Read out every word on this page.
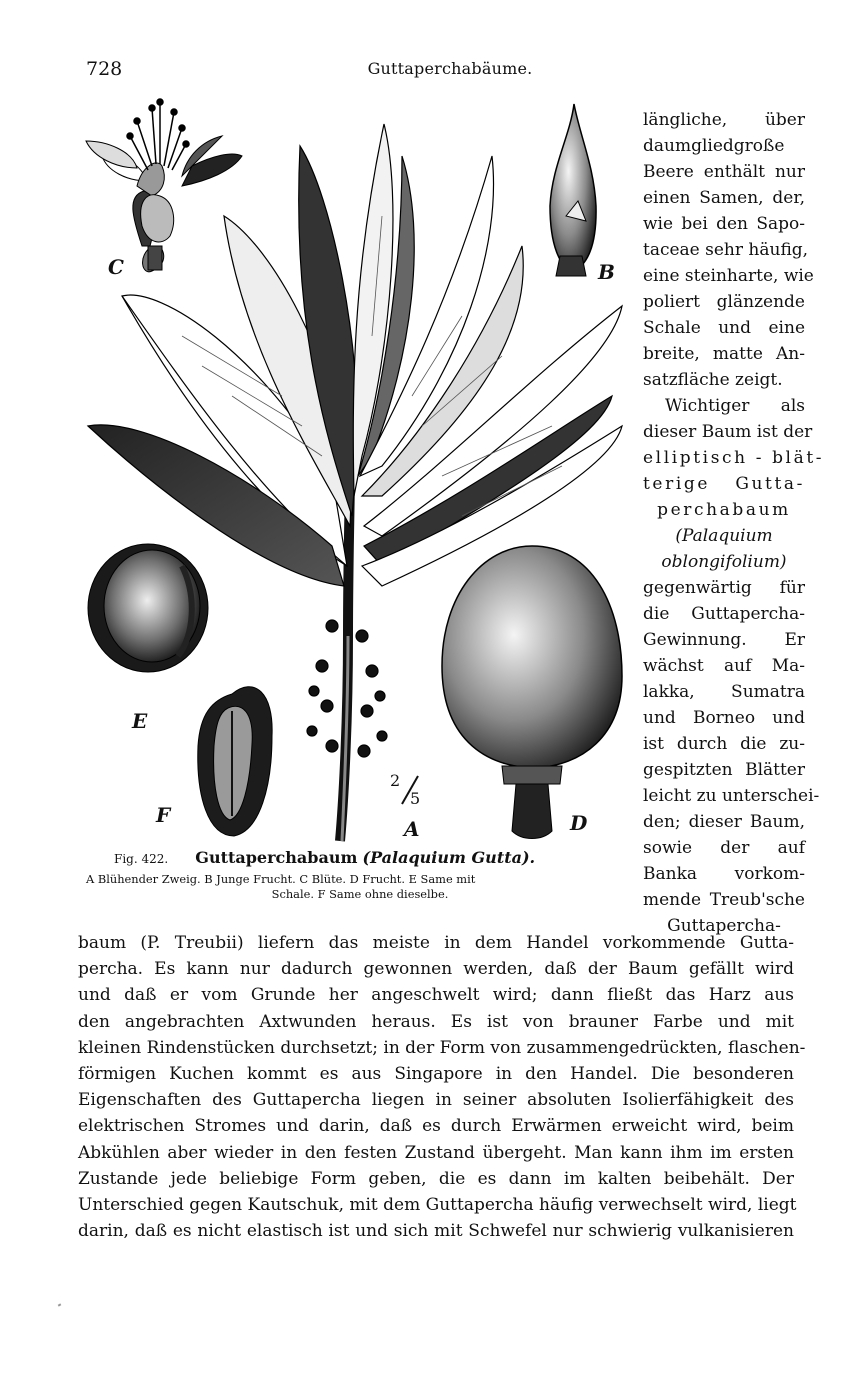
728	Guttaperchabäume.
2
5
C	B
E
F	D
A
Fig. 422. Guttaperchabaum (Palaquium Gutta).
A Blühender Zweig. B Junge Frucht. C Blüte. D Frucht. E Same mit
Schale. F Same ohne dieselbe.
längliche, über
daumgliedgroße
Beere enthält nur
einen Samen, der,
wie bei den Sapo-
taceae sehr häufig,
eine steinharte, wie
poliert glänzende
Schale und eine
breite, matte An-
satzfläche zeigt.
Wichtiger als
dieser Baum ist der
elliptisch - blät-
terige Gutta-
perchabaum
(Palaquium
oblongifolium)
gegenwärtig für
die Guttapercha-
Gewinnung. Er
wächst auf Ma-
lakka, Sumatra
und Borneo und
ist durch die zu-
gespitzten Blätter
leicht zu unterschei-
den; dieser Baum,
sowie der auf
Banka vorkom-
mende Treub'sche
Guttapercha-
baum (P. Treubii) liefern das meiste in dem Handel vorkommende Gutta-
percha. Es kann nur dadurch gewonnen werden, daß der Baum gefällt wird
und daß er vom Grunde her angeschwelt wird; dann fließt das Harz aus
den angebrachten Axtwunden heraus. Es ist von brauner Farbe und mit
kleinen Rindenstücken durchsetzt; in der Form von zusammengedrückten, flaschen-
förmigen Kuchen kommt es aus Singapore in den Handel. Die besonderen
Eigenschaften des Guttapercha liegen in seiner absoluten Isolierfähigkeit des
elektrischen Stromes und darin, daß es durch Erwärmen erweicht wird, beim
Abkühlen aber wieder in den festen Zustand übergeht. Man kann ihm im ersten
Zustande jede beliebige Form geben, die es dann im kalten beibehält. Der
Unterschied gegen Kautschuk, mit dem Guttapercha häufig verwechselt wird, liegt
darin, daß es nicht elastisch ist und sich mit Schwefel nur schwierig vulkanisieren
